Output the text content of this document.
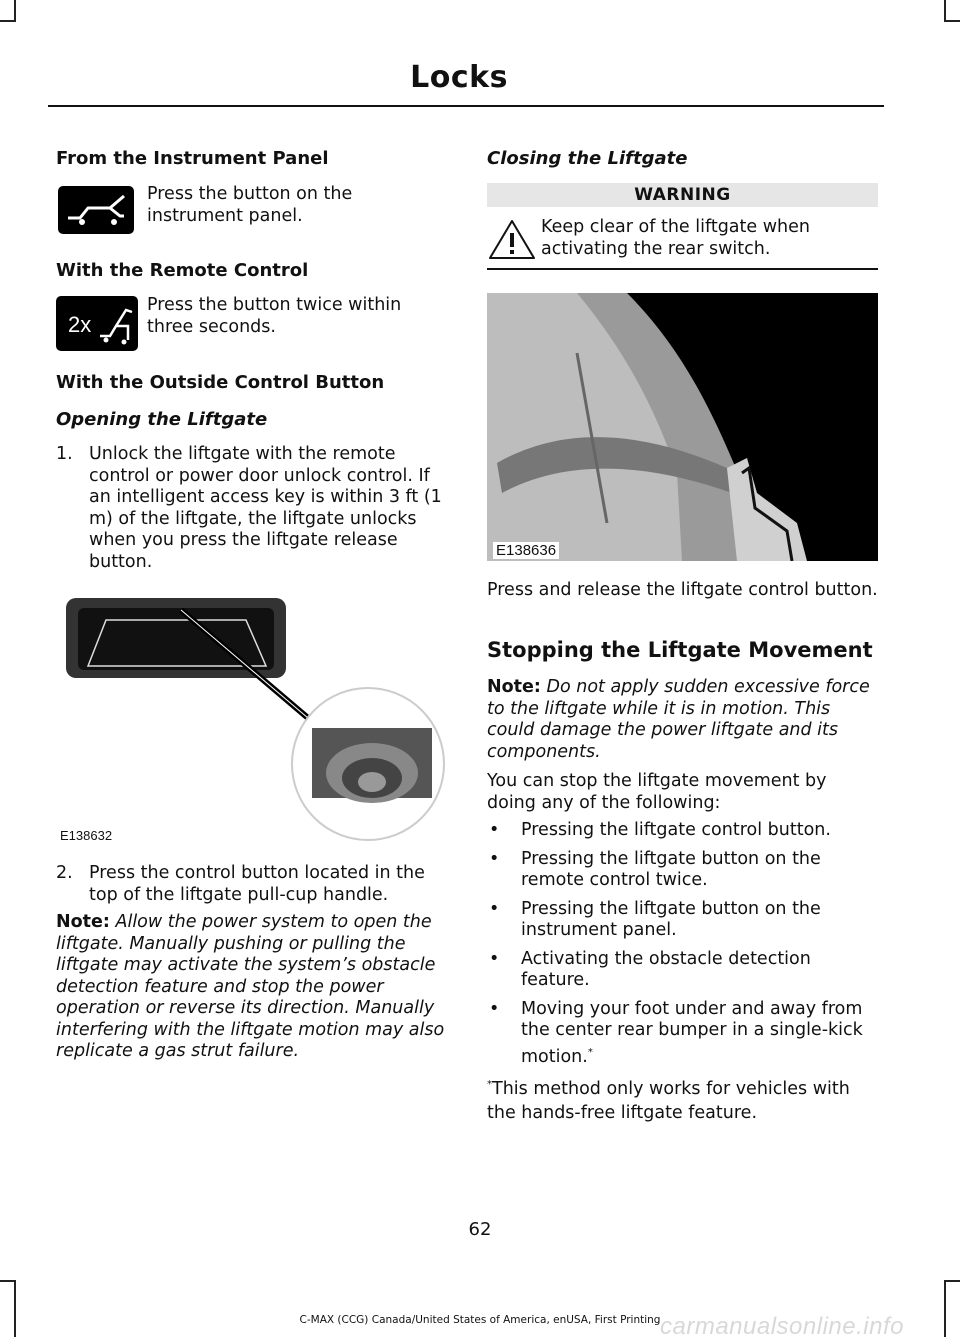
Locks
From the Instrument Panel
Press the button on the instrument panel.
With the Remote Control
2x
Press the button twice within three seconds.
With the Outside Control Button
Opening the Liftgate
1. Unlock the liftgate with the remote control or power door unlock control. If an intelligent access key is within 3 ft (1 m) of the liftgate, the liftgate unlocks when you press the liftgate release button.
E138632
2. Press the control button located in the top of the liftgate pull-cup handle.
Note: Allow the power system to open the liftgate. Manually pushing or pulling the liftgate may activate the system’s obstacle detection feature and stop the power operation or reverse its direction. Manually interfering with the liftgate motion may also replicate a gas strut failure.
Closing the Liftgate
WARNING
Keep clear of the liftgate when activating the rear switch.
E138636
Press and release the liftgate control button.
Stopping the Liftgate Movement
Note: Do not apply sudden excessive force to the liftgate while it is in motion. This could damage the power liftgate and its components.
You can stop the liftgate movement by doing any of the following:
• Pressing the liftgate control button.
• Pressing the liftgate button on the remote control twice.
• Pressing the liftgate button on the instrument panel.
• Activating the obstacle detection feature.
• Moving your foot under and away from the center rear bumper in a single-kick motion.*
*This method only works for vehicles with the hands-free liftgate feature.
62
C-MAX (CCG) Canada/United States of America, enUSA, First Printing carmanualsonline.info
